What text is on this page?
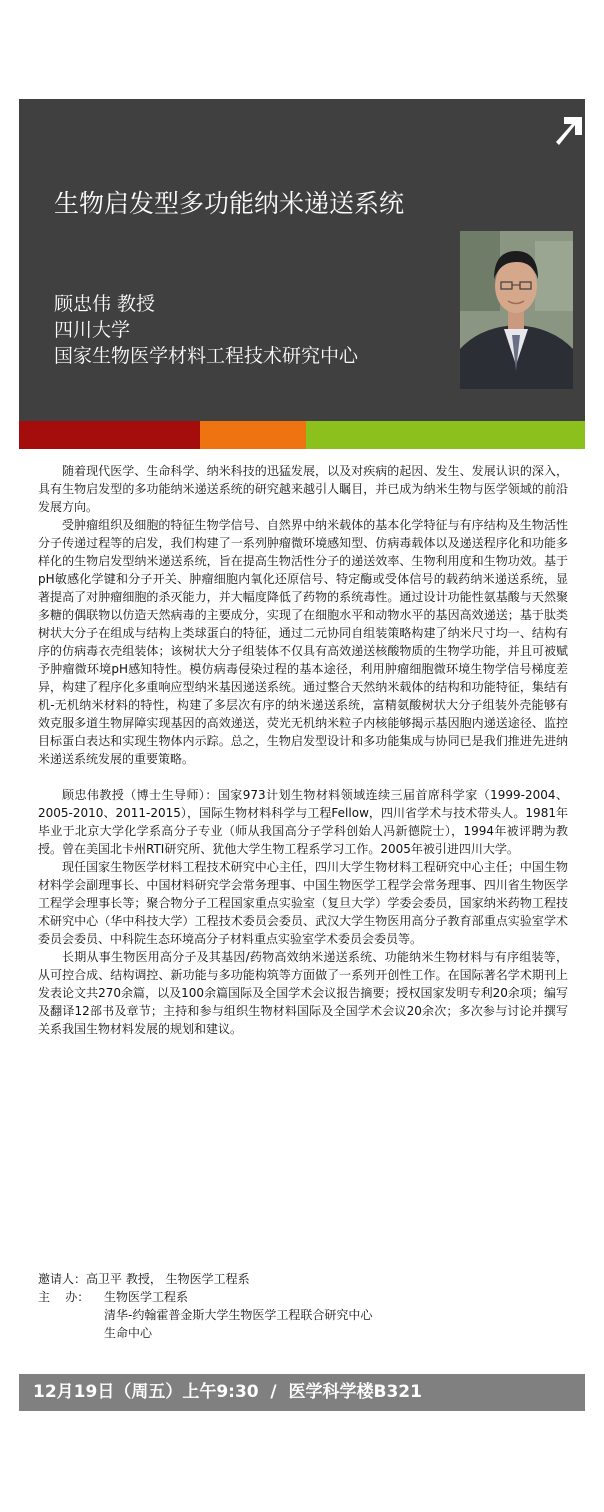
生物启发型多功能纳米递送系统
顾忠伟 教授
四川大学
国家生物医学材料工程技术研究中心

随着现代医学、生命科学、纳米科技的迅猛发展，以及对疾病的起因、发生、发展认识的深入，具有生物启发型的多功能纳米递送系统的研究越来越引人瞩目，并已成为纳米生物与医学领域的前沿发展方向。

受肿瘤组织及细胞的特征生物学信号、自然界中纳米载体的基本化学特征与有序结构及生物活性分子传递过程等的启发，我们构建了一系列肿瘤微环境感知型、仿病毒载体以及递送程序化和功能多样化的生物启发型纳米递送系统，旨在提高生物活性分子的递送效率、生物利用度和生物功效。基于pH敏感化学键和分子开关、肿瘤细胞内氧化还原信号、特定酶或受体信号的载药纳米递送系统，显著提高了对肿瘤细胞的杀灭能力，并大幅度降低了药物的系统毒性。通过设计功能性氨基酸与天然聚多糖的偶联物以仿造天然病毒的主要成分，实现了在细胞水平和动物水平的基因高效递送；基于肽类树状大分子在组成与结构上类球蛋白的特征，通过二元协同自组装策略构建了纳米尺寸均一、结构有序的仿病毒衣壳组装体；该树状大分子组装体不仅具有高效递送核酸物质的生物学功能，并且可被赋予肿瘤微环境pH感知特性。模仿病毒侵染过程的基本途径，利用肿瘤细胞微环境生物学信号梯度差异，构建了程序化多重响应型纳米基因递送系统。通过整合天然纳米载体的结构和功能特征，集结有机-无机纳米材料的特性，构建了多层次有序的纳米递送系统，富精氨酸树状大分子组装外壳能够有效克服多道生物屏障实现基因的高效递送，荧光无机纳米粒子内核能够揭示基因胞内递送途径、监控目标蛋白表达和实现生物体内示踪。总之，生物启发型设计和多功能集成与协同已是我们推进先进纳米递送系统发展的重要策略。

顾忠伟教授（博士生导师）：国家973计划生物材料领域连续三届首席科学家（1999-2004、2005-2010、2011-2015），国际生物材料科学与工程Fellow，四川省学术与技术带头人。1981年毕业于北京大学化学系高分子专业（师从我国高分子学科创始人冯新德院士），1994年被评聘为教授。曾在美国北卡州RTI研究所、犹他大学生物工程系学习工作。2005年被引进四川大学。

现任国家生物医学材料工程技术研究中心主任，四川大学生物材料工程研究中心主任；中国生物材料学会副理事长、中国材料研究学会常务理事、中国生物医学工程学会常务理事、四川省生物医学工程学会理事长等；聚合物分子工程国家重点实验室（复旦大学）学委会委员，国家纳米药物工程技术研究中心（华中科技大学）工程技术委员会委员、武汉大学生物医用高分子教育部重点实验室学术委员会委员、中科院生态环境高分子材料重点实验室学术委员会委员等。

长期从事生物医用高分子及其基因/药物高效纳米递送系统、功能纳米生物材料与有序组装等，从可控合成、结构调控、新功能与多功能构筑等方面做了一系列开创性工作。在国际著名学术期刊上发表论文共270余篇，以及100余篇国际及全国学术会议报告摘要；授权国家发明专利20余项；编写及翻译12部书及章节；主持和参与组织生物材料国际及全国学术会议20余次；多次参与讨论并撰写关系我国生物材料发展的规划和建议。

邀请人：高卫平 教授， 生物医学工程系
主    办：	生物医学工程系
清华-约翰霍普金斯大学生物医学工程联合研究中心
生命中心
12月19日（周五）上午9:30  /  医学科学楼B321
